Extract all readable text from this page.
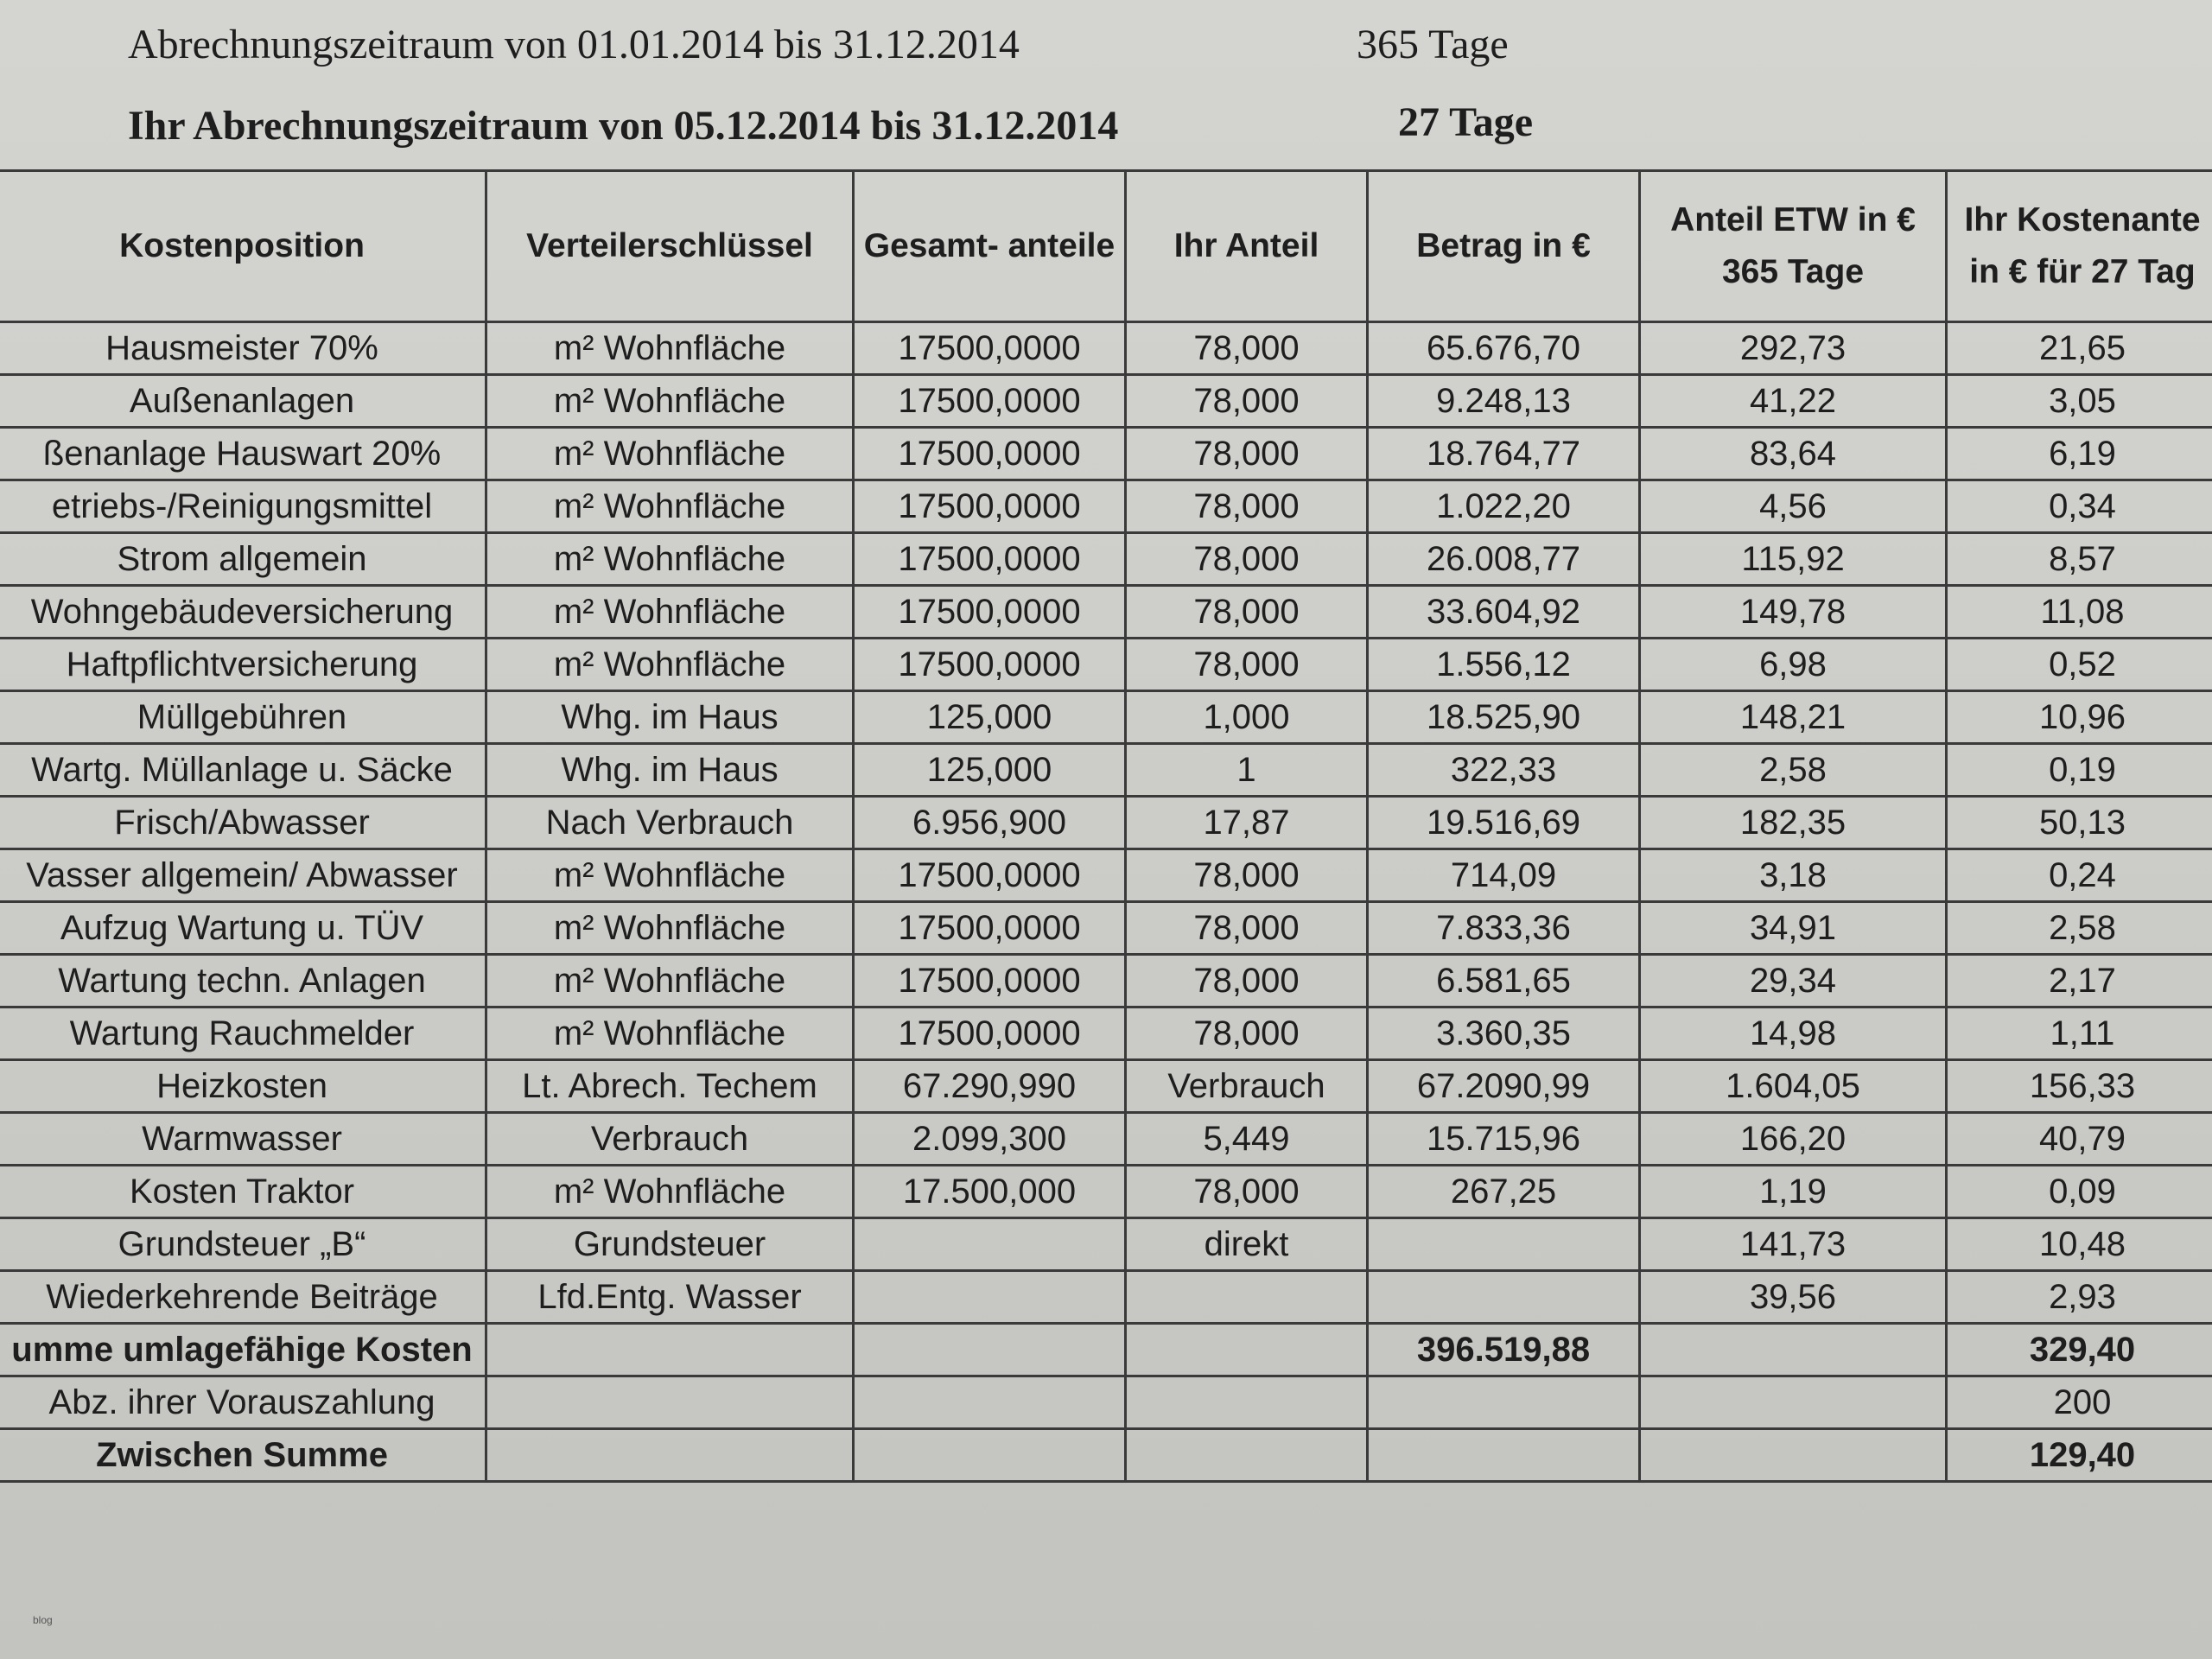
Abrechnungszeitraum von 01.01.2014 bis 31.12.2014	365 Tage
Ihr Abrechnungszeitraum von 05.12.2014 bis 31.12.2014	27 Tage
Kostenposition	Verteilerschlüssel	Gesamt- anteile	Ihr Anteil	Betrag in €	Anteil ETW in € 365 Tage	Ihr Kostenante in € für 27 Tag
Hausmeister 70%	m² Wohnfläche	17500,0000	78,000	65.676,70	292,73	21,65
Außenanlagen	m² Wohnfläche	17500,0000	78,000	9.248,13	41,22	3,05
ßenanlage Hauswart 20%	m² Wohnfläche	17500,0000	78,000	18.764,77	83,64	6,19
etriebs-/Reinigungsmittel	m² Wohnfläche	17500,0000	78,000	1.022,20	4,56	0,34
Strom allgemein	m² Wohnfläche	17500,0000	78,000	26.008,77	115,92	8,57
Wohngebäudeversicherung	m² Wohnfläche	17500,0000	78,000	33.604,92	149,78	11,08
Haftpflichtversicherung	m² Wohnfläche	17500,0000	78,000	1.556,12	6,98	0,52
Müllgebühren	Whg. im Haus	125,000	1,000	18.525,90	148,21	10,96
Wartg. Müllanlage u. Säcke	Whg. im Haus	125,000	1	322,33	2,58	0,19
Frisch/Abwasser	Nach Verbrauch	6.956,900	17,87	19.516,69	182,35	50,13
Vasser allgemein/ Abwasser	m² Wohnfläche	17500,0000	78,000	714,09	3,18	0,24
Aufzug Wartung u. TÜV	m² Wohnfläche	17500,0000	78,000	7.833,36	34,91	2,58
Wartung techn. Anlagen	m² Wohnfläche	17500,0000	78,000	6.581,65	29,34	2,17
Wartung Rauchmelder	m² Wohnfläche	17500,0000	78,000	3.360,35	14,98	1,11
Heizkosten	Lt. Abrech. Techem	67.290,990	Verbrauch	67.2090,99	1.604,05	156,33
Warmwasser	Verbrauch	2.099,300	5,449	15.715,96	166,20	40,79
Kosten Traktor	m² Wohnfläche	17.500,000	78,000	267,25	1,19	0,09
Grundsteuer „B“	Grundsteuer		direkt		141,73	10,48
Wiederkehrende Beiträge	Lfd.Entg. Wasser				39,56	2,93
umme umlagefähige Kosten				396.519,88		329,40
Abz. ihrer Vorauszahlung						200
Zwischen Summe						129,40
blog
